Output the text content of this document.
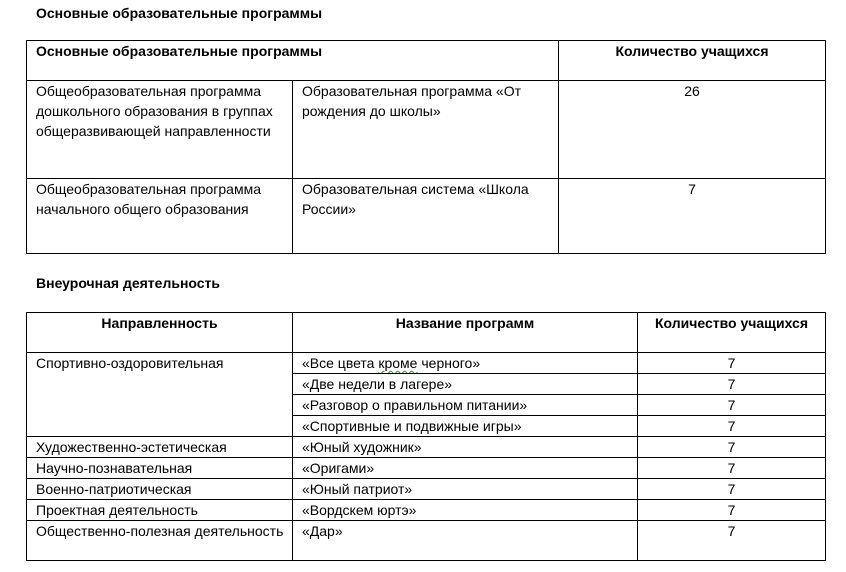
Основные образовательные программы

Основные образовательные программы		Количество учащихся
Общеобразовательная программа дошкольного образования в группах общеразвивающей направленности	Образовательная программа «От рождения до школы»	26
Общеобразовательная программа начального общего образования	Образовательная система «Школа России»	7

Внеурочная деятельность

Направленность	Название программ	Количество учащихся
Спортивно-оздоровительная	«Все цвета кроме черного»	7
	«Две недели в лагере»	7
	«Разговор о правильном питании»	7
	«Спортивные и подвижные игры»	7
Художественно-эстетическая	«Юный художник»	7
Научно-познавательная	«Оригами»	7
Военно-патриотическая	«Юный патриот»	7
Проектная деятельность	«Вордскем юртэ»	7
Общественно-полезная деятельность	«Дар»	7
